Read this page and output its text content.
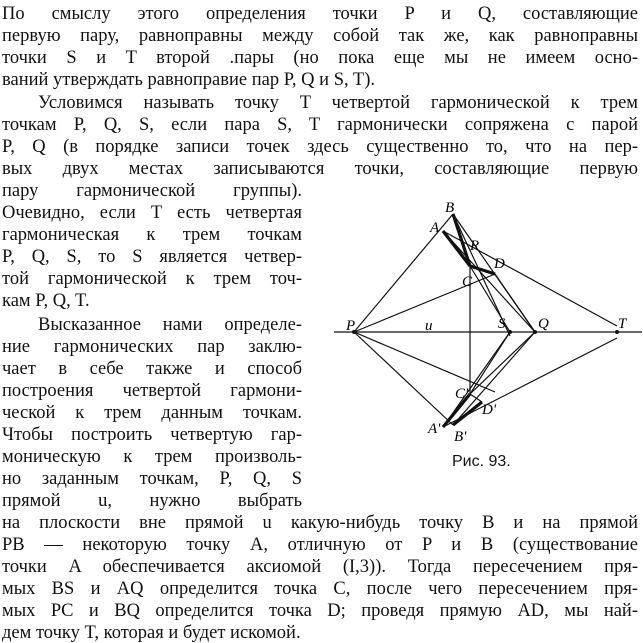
По смыслу этого определения точки P и Q, составляющие
первую пару, равноправны между собой так же, как равноправны
точки S и T второй .пары (но пока еще мы не имеем осно-
ваний утверждать равноправие пар P, Q и S, T).
Условимся называть точку T четвертой гармонической к трем
точкам P, Q, S, если пара S, T гармонически сопряжена с парой
P, Q (в порядке записи точек здесь существенно то, что на пер-
вых двух местах записываются точки, составляющие первую
пару гармонической группы).
Очевидно, если T есть четвертая
гармоническая к трем точкам
P, Q, S, то S является четвер-
той гармонической к трем точ-
кам P, Q, T.
Высказанное нами определе-
ние гармонических пар заклю-
чает в себе также и способ
построения четвертой гармони-
ческой к трем данным точкам.
Чтобы построить четвертую гар-
моническую к трем произволь-
но заданным точкам, P, Q, S
прямой u, нужно выбрать
на плоскости вне прямой u какую-нибудь точку B и на прямой
PB — некоторую точку A, отличную от P и B (существование
точки A обеспечивается аксиомой (I,3)). Тогда пересечением пря-
мых BS и AQ определится точка C, после чего пересечением пря-
мых PC и BQ определится точка D; проведя прямую AD, мы най-
дем точку T, которая и будет искомой.
B
A
R
D
C
P	u	S Q	T
C'
D'
A' B'
Рис. 93.
